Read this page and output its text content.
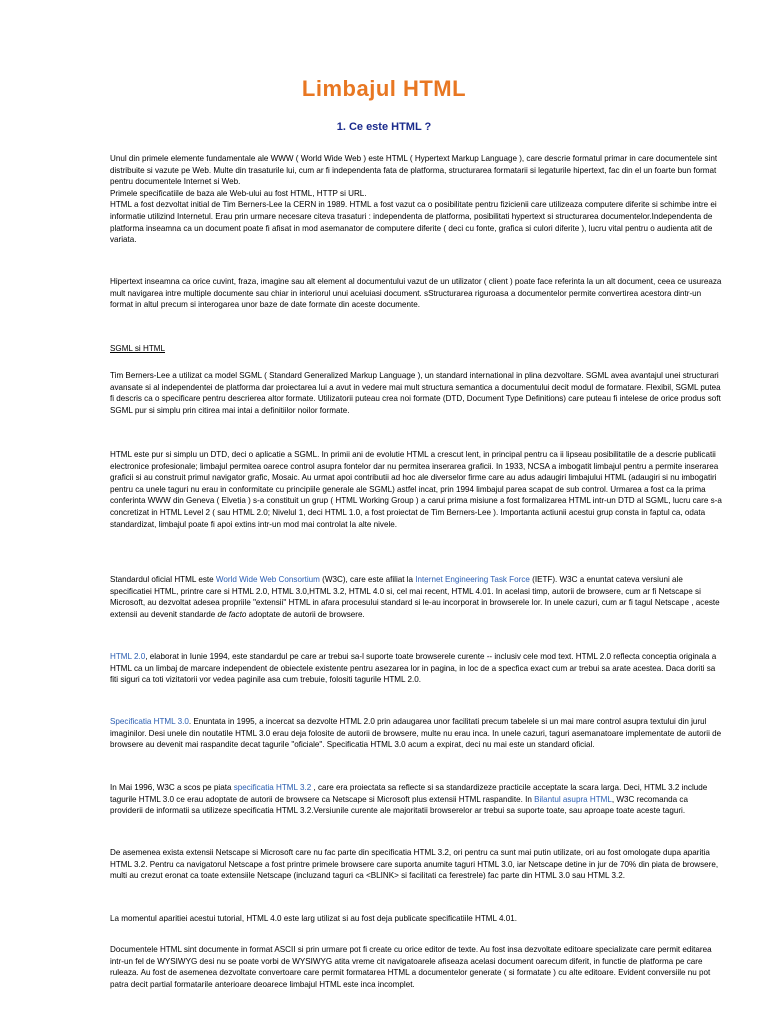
Limbajul HTML
1. Ce este HTML ?

Unul din primele elemente fundamentale ale WWW ( World Wide Web ) este HTML ( Hypertext Markup Language ), care descrie formatul primar in care documentele sint distribuite si vazute pe Web. Multe din trasaturile lui, cum ar fi independenta fata de platforma, structurarea formatarii si legaturile hipertext, fac din el un foarte bun format pentru documentele Internet si Web.

Primele specificatiile de baza ale Web-ului au fost HTML, HTTP si URL.

HTML a fost dezvoltat initial de Tim Berners-Lee la CERN in 1989. HTML a fost vazut ca o posibilitate pentru fizicienii care utilizeaza computere diferite si schimbe intre ei informatie utilizind Internetul. Erau prin urmare necesare citeva trasaturi : independenta de platforma, posibilitati hypertext si structurarea documentelor.Independenta de platforma inseamna ca un document poate fi afisat in mod asemanator de computere diferite ( deci cu fonte, grafica si culori diferite ), lucru vital pentru o audienta atit de variata.

Hipertext inseamna ca orice cuvint, fraza, imagine sau alt element al documentului vazut de un utilizator ( client ) poate face referinta la un alt document, ceea ce usureaza mult navigarea intre multiple documente sau chiar in interiorul unui aceluiasi document. sStructurarea riguroasa a documentelor permite convertirea acestora dintr-un format in altul precum si interogarea unor baze de date formate din aceste documente.

SGML si HTML

Tim Berners-Lee a utilizat ca model SGML ( Standard Generalized Markup Language ), un standard international in plina dezvoltare. SGML avea avantajul unei structurari avansate si al independentei de platforma dar proiectarea lui a avut in vedere mai mult structura semantica a documentului decit modul de formatare. Flexibil, SGML putea fi descris ca o specificare pentru descrierea altor formate. Utilizatorii puteau crea noi formate (DTD, Document Type Definitions) care puteau fi intelese de orice produs soft SGML pur si simplu prin citirea mai intai a definitiilor noilor formate.

HTML este pur si simplu un DTD, deci o aplicatie a SGML. In primii ani de evolutie HTML a crescut lent, in principal pentru ca ii lipseau posibilitatile de a descrie publicatii electronice profesionale; limbajul permitea oarece control asupra fontelor dar nu permitea inserarea graficii. In 1933, NCSA a imbogatit limbajul pentru a permite inserarea graficii si au construit primul navigator grafic, Mosaic. Au urmat apoi contributii ad hoc ale diverselor firme care au adus adaugiri limbajului HTML (adaugiri si nu imbogatiri pentru ca unele taguri nu erau in conformitate cu principiile generale ale SGML) astfel incat, prin 1994 limbajul parea scapat de sub control. Urmarea a fost ca la prima conferinta WWW din Geneva ( Elvetia ) s-a constituit un grup ( HTML Working Group ) a carui prima misiune a fost formalizarea HTML intr-un DTD al SGML, lucru care s-a concretizat in HTML Level 2 ( sau HTML 2.0; Nivelul 1, deci HTML 1.0, a fost proiectat de Tim Berners-Lee ). Importanta actiunii acestui grup consta in faptul ca, odata standardizat, limbajul poate fi apoi extins intr-un mod mai controlat la alte nivele.

Standardul oficial HTML este World Wide Web Consortium (W3C), care este afiliat la Internet Engineering Task Force (IETF). W3C a enuntat cateva versiuni ale specificatiei HTML, printre care si HTML 2.0, HTML 3.0,HTML 3.2, HTML 4.0 si, cel mai recent, HTML 4.01. In acelasi timp, autorii de browsere, cum ar fi Netscape si Microsoft, au dezvoltat adesea propriile "extensii" HTML in afara procesului standard si le-au incorporat in browserele lor. In unele cazuri, cum ar fi tagul Netscape , aceste extensii au devenit standarde de facto adoptate de autorii de browsere.

HTML 2.0, elaborat in Iunie 1994, este standardul pe care ar trebui sa-l suporte toate browserele curente -- inclusiv cele mod text. HTML 2.0 reflecta conceptia originala a HTML ca un limbaj de marcare independent de obiectele existente pentru asezarea lor in pagina, in loc de a specfica exact cum ar trebui sa arate acestea. Daca doriti sa fiti siguri ca toti vizitatorii vor vedea paginile asa cum trebuie, folositi tagurile HTML 2.0.

Specificatia HTML 3.0. Enuntata in 1995, a incercat sa dezvolte HTML 2.0 prin adaugarea unor facilitati precum tabelele si un mai mare control asupra textului din jurul imaginilor. Desi unele din noutatile HTML 3.0 erau deja folosite de autorii de browsere, multe nu erau inca. In unele cazuri, taguri asemanatoare implementate de autorii de browsere au devenit mai raspandite decat tagurile "oficiale". Specificatia HTML 3.0 acum a expirat, deci nu mai este un standard oficial.

In Mai 1996, W3C a scos pe piata specificatia HTML 3.2 , care era proiectata sa reflecte si sa standardizeze practicile acceptate la scara larga. Deci, HTML 3.2 include tagurile HTML 3.0 ce erau adoptate de autorii de browsere ca Netscape si Microsoft plus extensii HTML raspandite. In Bilantul asupra HTML, W3C recomanda ca providerii de informatii sa utilizeze specificatia HTML 3.2.Versiunile curente ale majoritatii browserelor ar trebui sa suporte toate, sau aproape toate aceste taguri.

De asemenea exista extensii Netscape si Microsoft care nu fac parte din specificatia HTML 3.2, ori pentru ca sunt mai putin utilizate, ori au fost omologate dupa aparitia HTML 3.2. Pentru ca navigatorul Netscape a fost printre primele browsere care suporta anumite taguri HTML 3.0, iar Netscape detine in jur de 70% din piata de browsere, multi au crezut eronat ca toate extensiile Netscape (incluzand taguri ca <BLINK> si facilitati ca ferestrele) fac parte din HTML 3.0 sau HTML 3.2.

La momentul aparitiei acestui tutorial, HTML 4.0 este larg utilizat si au fost deja publicate specificatiile HTML 4.01.

Documentele HTML sint documente in format ASCII si prin urmare pot fi create cu orice editor de texte. Au fost insa dezvoltate editoare specializate care permit editarea intr-un fel de WYSIWYG desi nu se poate vorbi de WYSIWYG atita vreme cit navigatoarele afiseaza acelasi document oarecum diferit, in functie de platforma pe care ruleaza. Au fost de asemenea dezvoltate convertoare care permit formatarea HTML a documentelor generate ( si formatate ) cu alte editoare. Evident conversiile nu pot patra decit partial formatarile anterioare deoarece limbajul HTML este inca incomplet.
